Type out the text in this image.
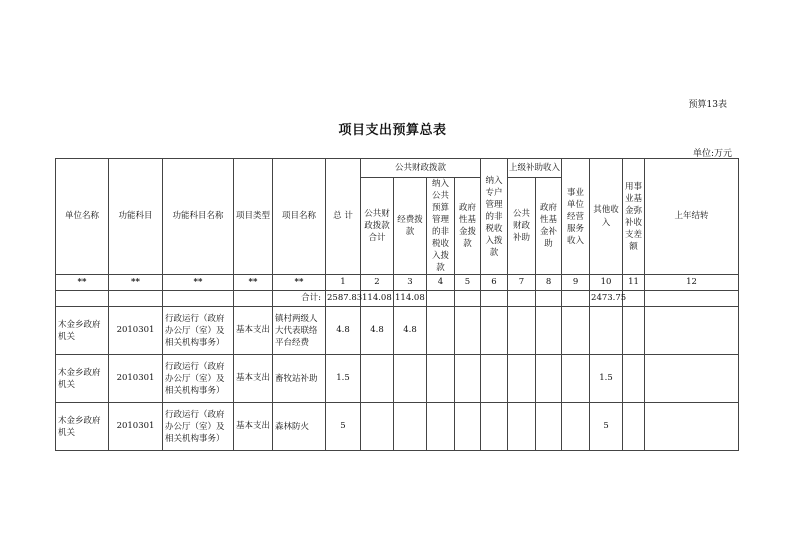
预算13表
项目支出预算总表
单位:万元
单位名称	功能科目	功能科目名称	项目类型	项目名称	总 计	公共财政拨款				纳入专户管理的非税收入拨款	上级补助收入		事业单位经营服务收入	其他收入	用事业基金弥补收支差额	上年结转
						公共财政拨款合计	经费拨款	纳入公共预算管理的非税收入拨款	政府性基金拨款		公共财政补助	政府性基金补助				
**	**	**	**	**	1	2	3	4	5	6	7	8	9	10	11	12
				合计:	2587.83	114.08	114.08							2473.75		
木金乡政府机关	2010301	行政运行（政府办公厅（室）及相关机构事务）	基本支出	镇村两级人大代表联络平台经费	4.8	4.8	4.8									
木金乡政府机关	2010301	行政运行（政府办公厅（室）及相关机构事务）	基本支出	畜牧站补助	1.5									1.5		
木金乡政府机关	2010301	行政运行（政府办公厅（室）及相关机构事务）	基本支出	森林防火	5									5		
